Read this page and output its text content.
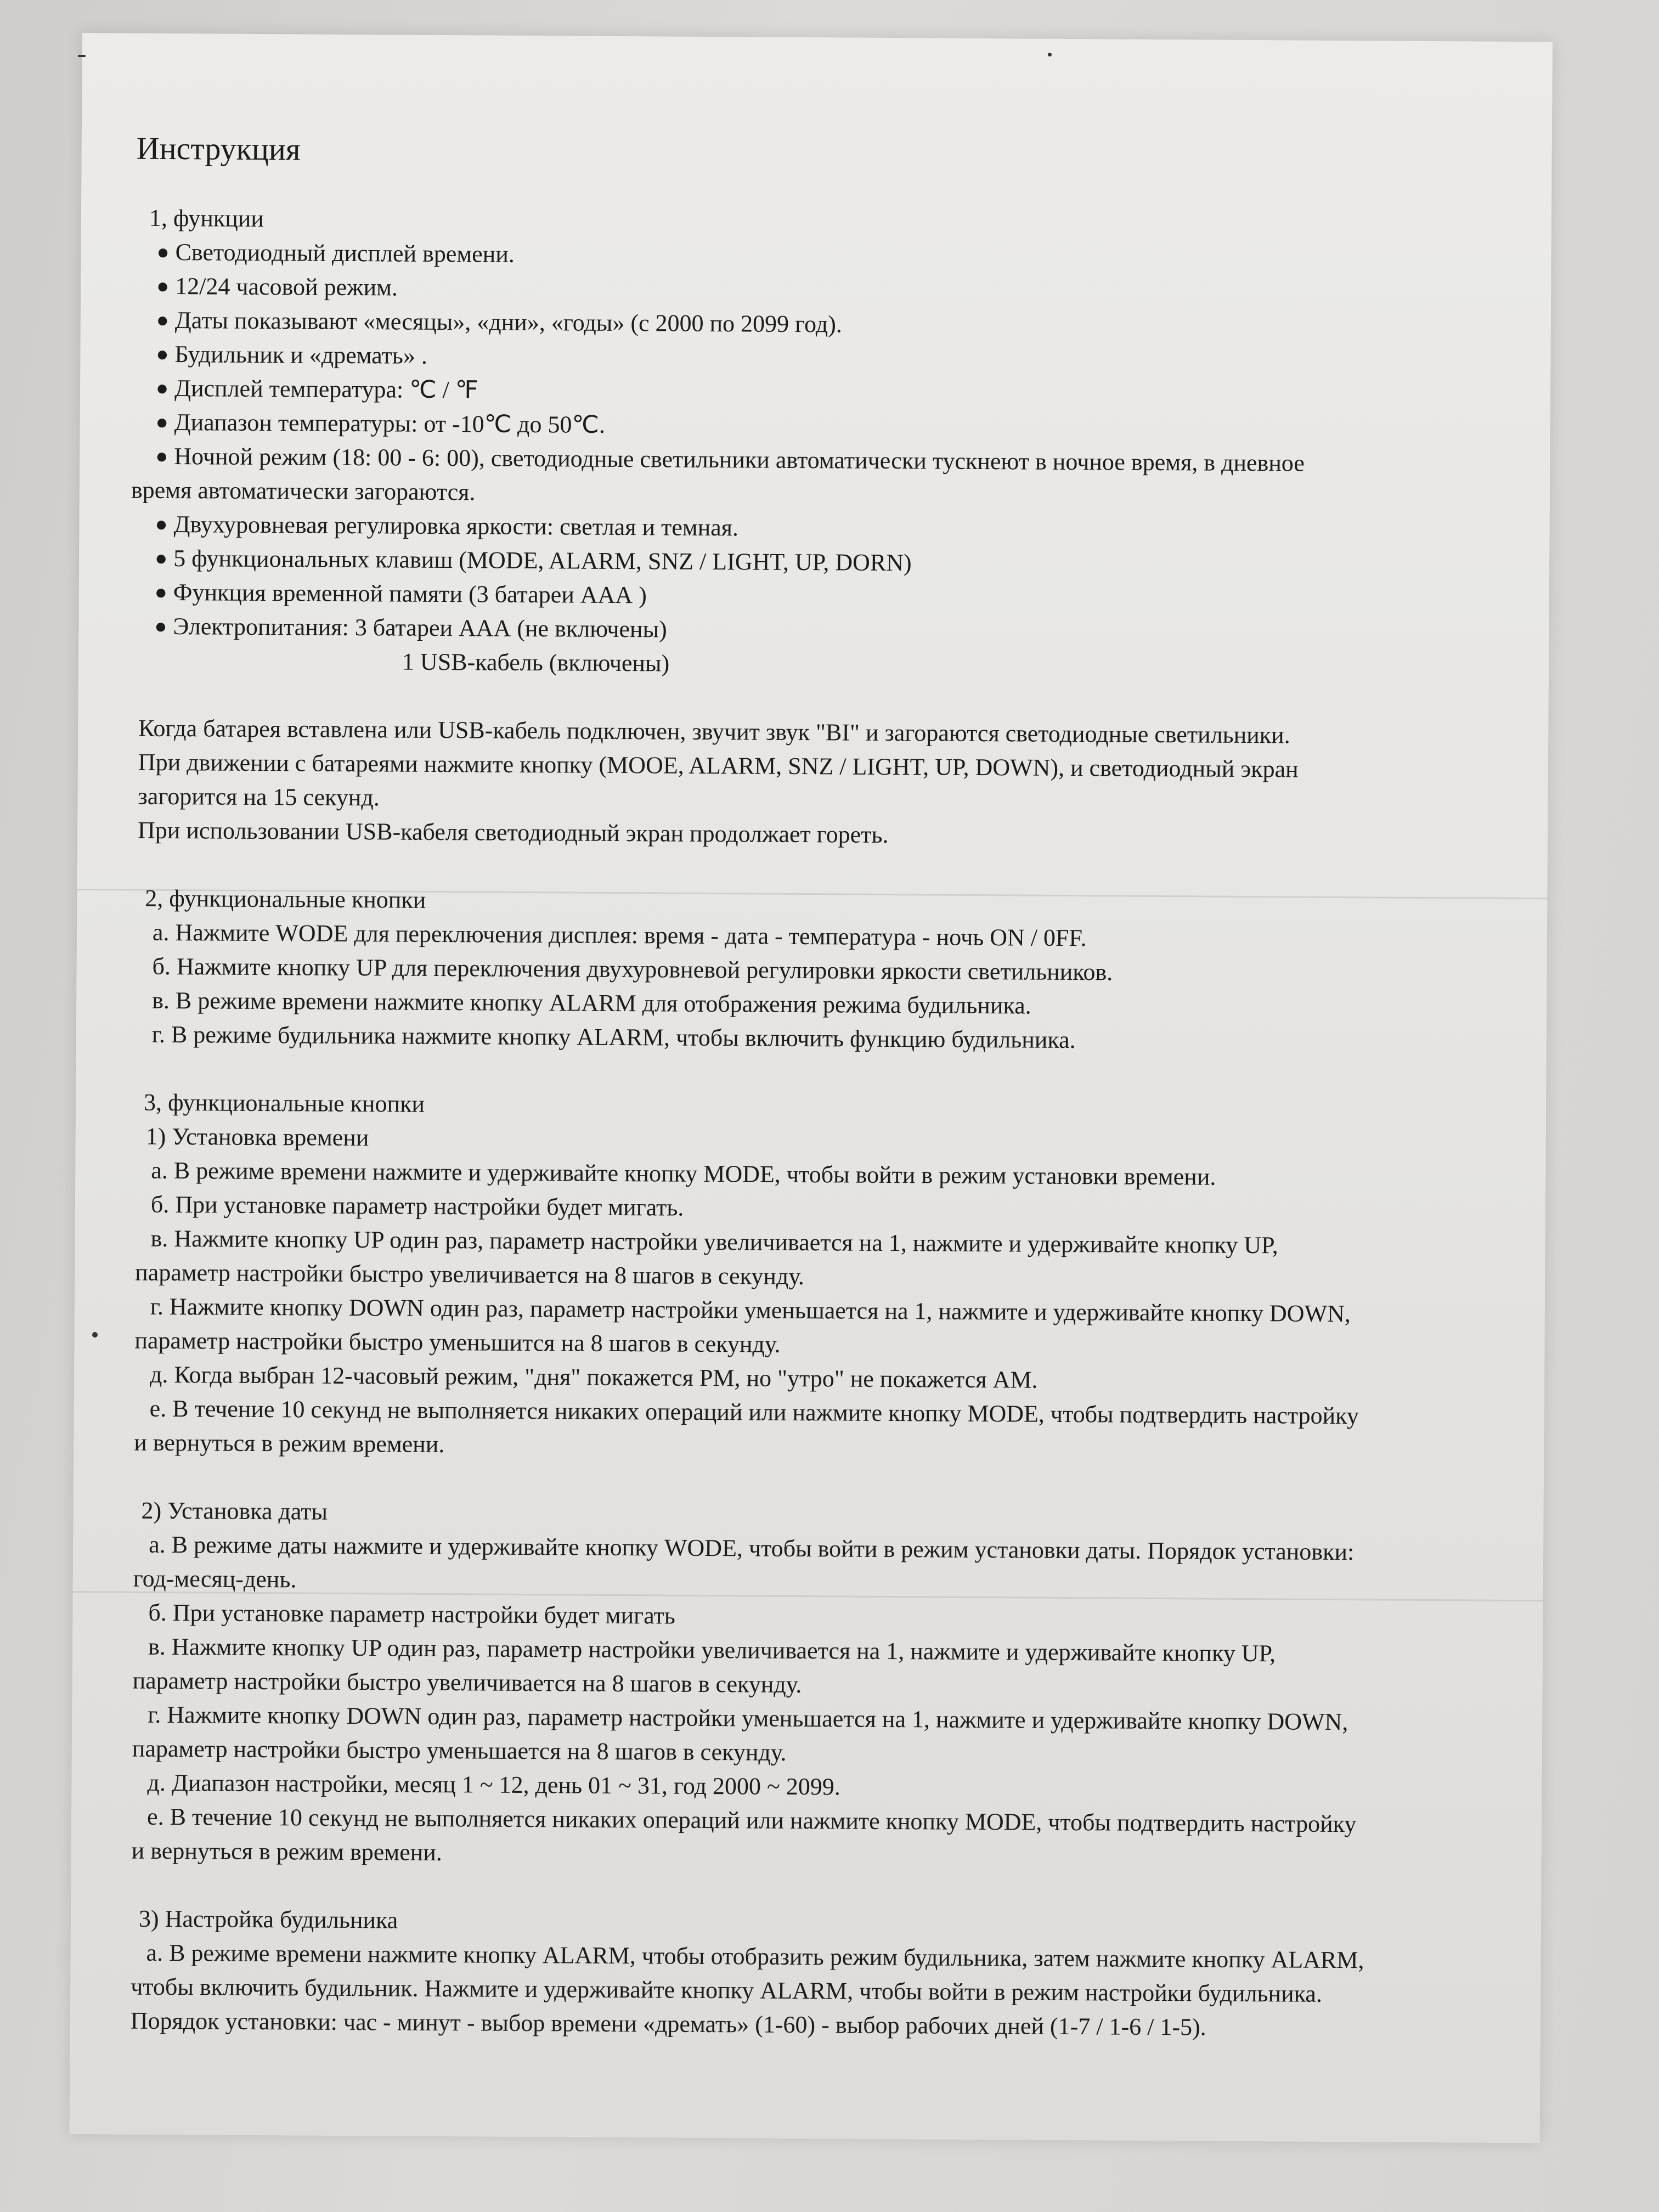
Инструкция
1, функции
● Светодиодный дисплей времени.
● 12/24 часовой режим.
● Даты показывают «месяцы», «дни», «годы» (с 2000 по 2099 год).
● Будильник и «дремать» .
● Дисплей температура: ℃ / ℉
● Диапазон температуры: от -10℃ до 50℃.
● Ночной режим (18: 00 - 6: 00), светодиодные светильники автоматически тускнеют в ночное время, в дневное
время автоматически загораются.
● Двухуровневая регулировка яркости: светлая и темная.
● 5 функциональных клавиш (MODE, ALARM, SNZ / LIGHT, UP, DORN)
● Функция временной памяти (3 батареи ААА )
● Электропитания: 3 батареи ААА (не включены)
1 USB-кабель (включены)

Когда батарея вставлена или USB-кабель подключен, звучит звук "BI" и загораются светодиодные светильники.

При движении с батареями нажмите кнопку (MOOE, ALARM, SNZ / LIGHT, UP, DOWN), и светодиодный экран

загорится на 15 секунд.

При использовании USB-кабеля светодиодный экран продолжает гореть.

2, функциональные кнопки
а. Нажмите WODE для переключения дисплея: время - дата - температура - ночь ON / 0FF.
б. Нажмите кнопку UP для переключения двухуровневой регулировки яркости светильников.
в. В режиме времени нажмите кнопку ALARM для отображения режима будильника.
г. В режиме будильника нажмите кнопку ALARM, чтобы включить функцию будильника.
3, функциональные кнопки
1) Установка времени
а. В режиме времени нажмите и удерживайте кнопку MODE, чтобы войти в режим установки времени.
б. При установке параметр настройки будет мигать.
в. Нажмите кнопку UP один раз, параметр настройки увеличивается на 1, нажмите и удерживайте кнопку UP,
параметр настройки быстро увеличивается на 8 шагов в секунду.
г. Нажмите кнопку DOWN один раз, параметр настройки уменьшается на 1, нажмите и удерживайте кнопку DOWN,
параметр настройки быстро уменьшится на 8 шагов в секунду.
д. Когда выбран 12-часовый режим, "дня" покажется PM, но "утро" не покажется AM.
е. В течение 10 секунд не выполняется никаких операций или нажмите кнопку MODE, чтобы подтвердить настройку
и вернуться в режим времени.
2) Установка даты
а. В режиме даты нажмите и удерживайте кнопку WODE, чтобы войти в режим установки даты. Порядок установки:
год-месяц-день.
б. При установке параметр настройки будет мигать
в. Нажмите кнопку UP один раз, параметр настройки увеличивается на 1, нажмите и удерживайте кнопку UP,
параметр настройки быстро увеличивается на 8 шагов в секунду.
г. Нажмите кнопку DOWN один раз, параметр настройки уменьшается на 1, нажмите и удерживайте кнопку DOWN,
параметр настройки быстро уменьшается на 8 шагов в секунду.
д. Диапазон настройки, месяц 1 ~ 12, день 01 ~ 31, год 2000 ~ 2099.
е. В течение 10 секунд не выполняется никаких операций или нажмите кнопку MODE, чтобы подтвердить настройку
и вернуться в режим времени.
3) Настройка будильника
а. В режиме времени нажмите кнопку ALARM, чтобы отобразить режим будильника, затем нажмите кнопку ALARM,
чтобы включить будильник. Нажмите и удерживайте кнопку ALARM, чтобы войти в режим настройки будильника.
Порядок установки: час - минут - выбор времени «дремать» (1-60) - выбор рабочих дней (1-7 / 1-6 / 1-5).
